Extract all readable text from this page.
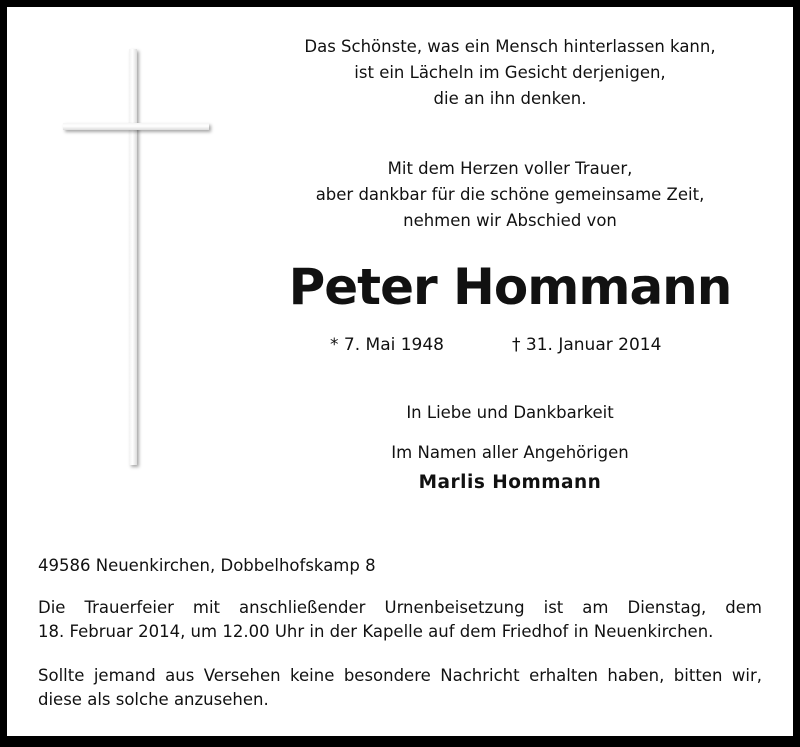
Das Schönste, was ein Mensch hinterlassen kann,
ist ein Lächeln im Gesicht derjenigen,
die an ihn denken.
Mit dem Herzen voller Trauer,
aber dankbar für die schöne gemeinsame Zeit,
nehmen wir Abschied von
Peter Hommann
* 7. Mai 1948	† 31. Januar 2014
In Liebe und Dankbarkeit
Im Namen aller Angehörigen
Marlis Hommann
49586 Neuenkirchen, Dobbelhofskamp 8
Die Trauerfeier mit anschließender Urnenbeisetzung ist am Dienstag, dem
18. Februar 2014, um 12.00 Uhr in der Kapelle auf dem Friedhof in Neuenkirchen.
Sollte jemand aus Versehen keine besondere Nachricht erhalten haben, bitten wir,
diese als solche anzusehen.
